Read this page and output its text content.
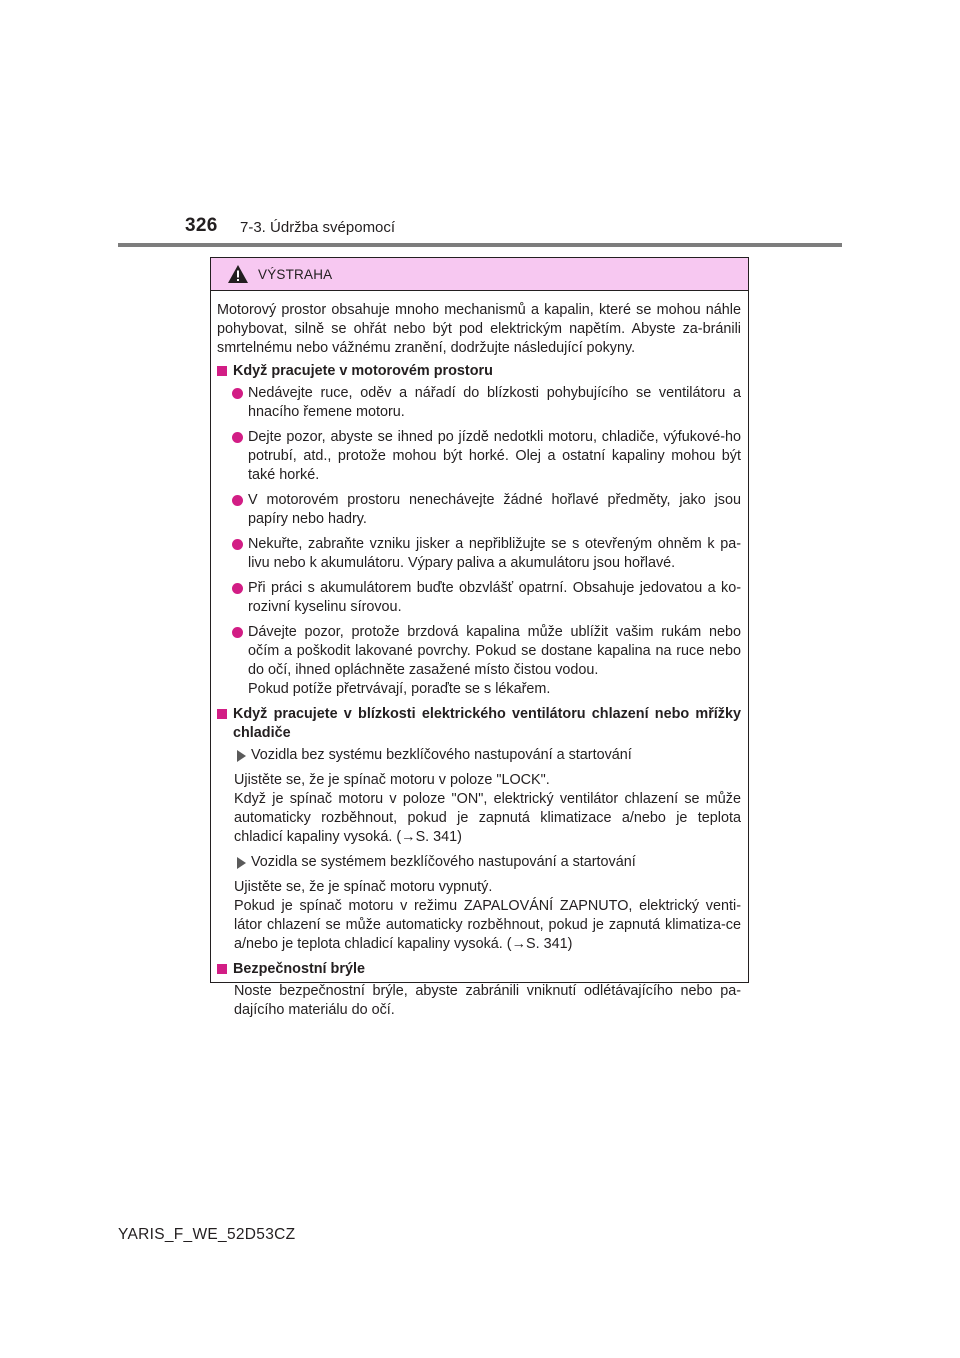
326 7-3. Údržba svépomocí
VÝSTRAHA
Motorový prostor obsahuje mnoho mechanismů a kapalin, které se mohou náhle pohybovat, silně se ohřát nebo být pod elektrickým napětím. Abyste za-bránili smrtelnému nebo vážnému zranění, dodržujte následující pokyny.
Když pracujete v motorovém prostoru
Nedávejte ruce, oděv a nářadí do blízkosti pohybujícího se ventilátoru a hnacího řemene motoru.
Dejte pozor, abyste se ihned po jízdě nedotkli motoru, chladiče, výfukové-ho potrubí, atd., protože mohou být horké. Olej a ostatní kapaliny mohou být také horké.
V motorovém prostoru nenechávejte žádné hořlavé předměty, jako jsou papíry nebo hadry.
Nekuřte, zabraňte vzniku jisker a nepřibližujte se s otevřeným ohněm k pa-livu nebo k akumulátoru. Výpary paliva a akumulátoru jsou hořlavé.
Při práci s akumulátorem buďte obzvlášť opatrní. Obsahuje jedovatou a ko-rozivní kyselinu sírovou.
Dávejte pozor, protože brzdová kapalina může ublížit vašim rukám nebo očím a poškodit lakované povrchy. Pokud se dostane kapalina na ruce nebo do očí, ihned opláchněte zasažené místo čistou vodou.
Pokud potíže přetrvávají, poraďte se s lékařem.
Když pracujete v blízkosti elektrického ventilátoru chlazení nebo mřížky chladiče
Vozidla bez systému bezklíčového nastupování a startování
Ujistěte se, že je spínač motoru v poloze "LOCK".
Když je spínač motoru v poloze "ON", elektrický ventilátor chlazení se může automaticky rozběhnout, pokud je zapnutá klimatizace a/nebo je teplota chladicí kapaliny vysoká. (→S. 341)
Vozidla se systémem bezklíčového nastupování a startování
Ujistěte se, že je spínač motoru vypnutý.
Pokud je spínač motoru v režimu ZAPALOVÁNÍ ZAPNUTO, elektrický venti-látor chlazení se může automaticky rozběhnout, pokud je zapnutá klimatiza-ce a/nebo je teplota chladicí kapaliny vysoká. (→S. 341)
Bezpečnostní brýle
Noste bezpečnostní brýle, abyste zabránili vniknutí odlétávajícího nebo pa-dajícího materiálu do očí.
YARIS_F_WE_52D53CZ
